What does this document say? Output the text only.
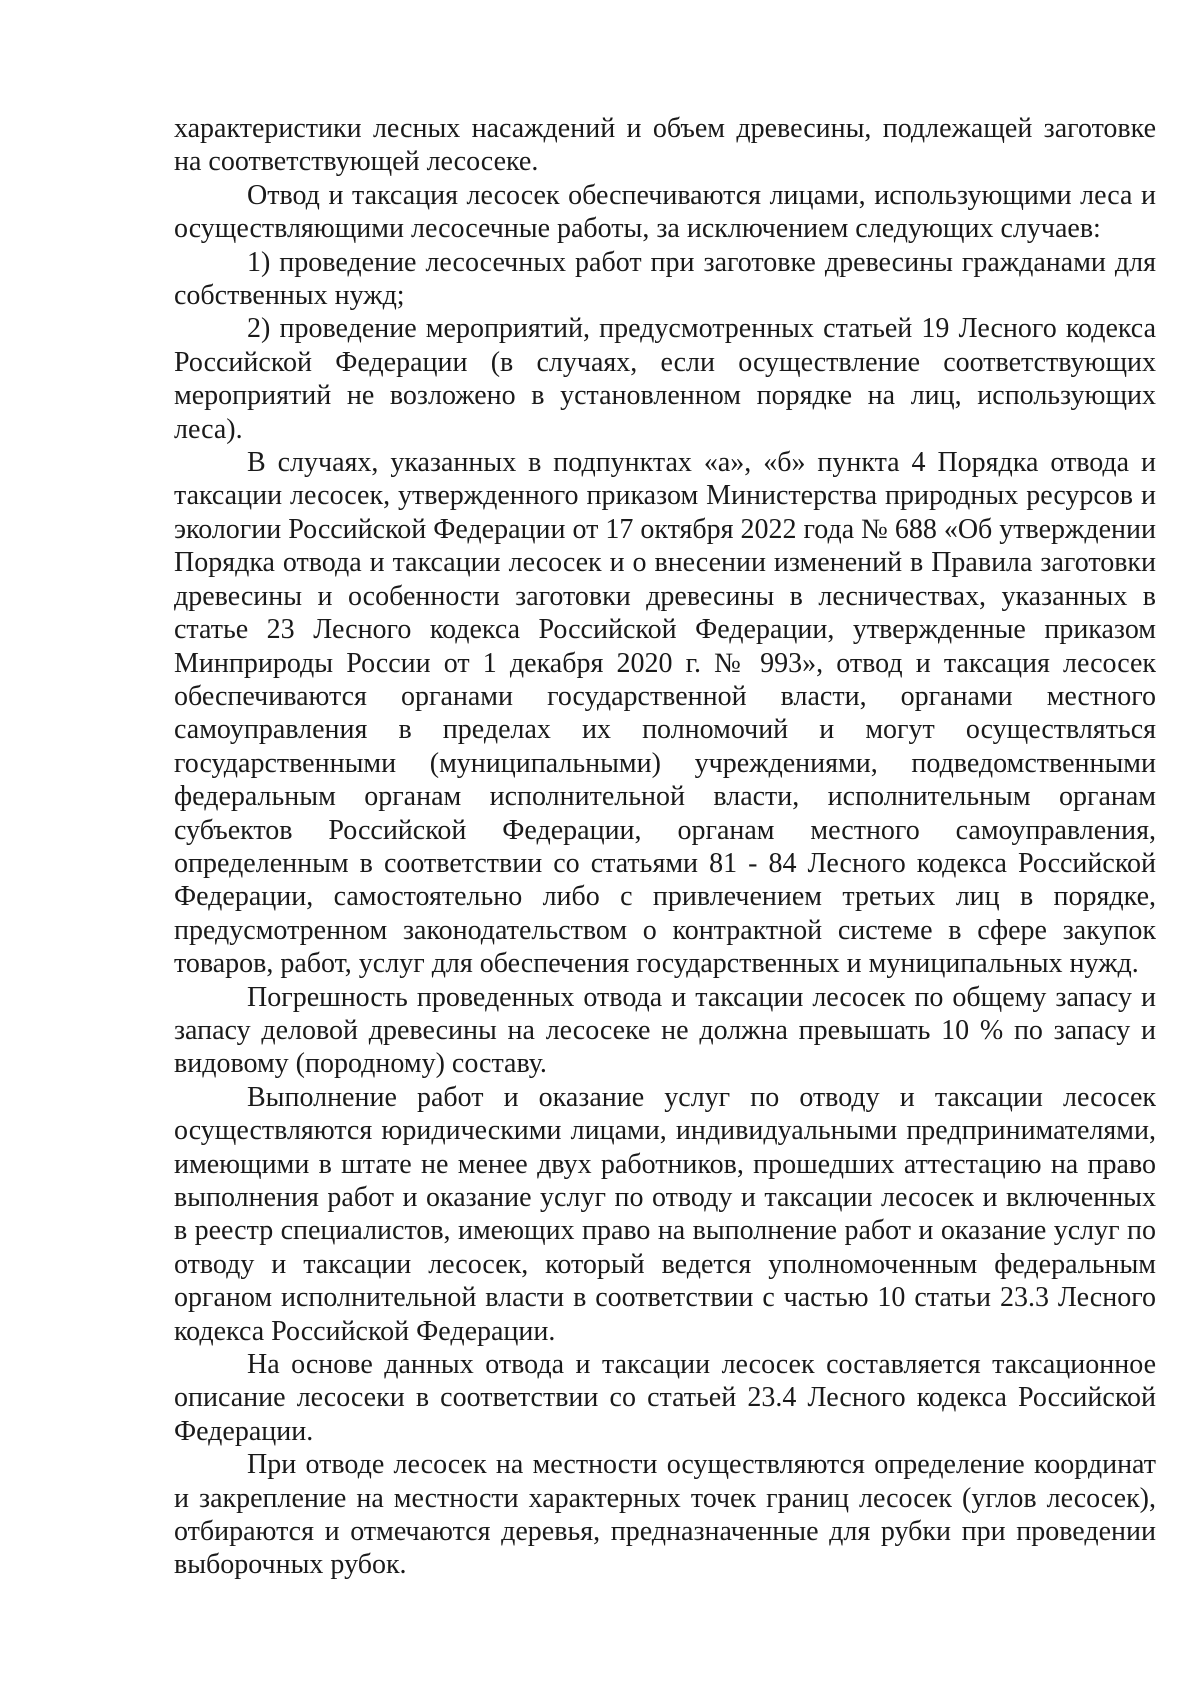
характеристики лесных насаждений и объем древесины, подлежащей заготовке на соответствующей лесосеке.

Отвод и таксация лесосек обеспечиваются лицами, использующими леса и осуществляющими лесосечные работы, за исключением следующих случаев:

1) проведение лесосечных работ при заготовке древесины гражданами для собственных нужд;

2) проведение мероприятий, предусмотренных статьей 19 Лесного кодекса Российской Федерации (в случаях, если осуществление соответствующих мероприятий не возложено в установленном порядке на лиц, использующих леса).

В случаях, указанных в подпунктах «а», «б» пункта 4 Порядка отвода и таксации лесосек, утвержденного приказом Министерства природных ресурсов и экологии Российской Федерации от 17 октября 2022 года № 688 «Об утверждении Порядка отвода и таксации лесосек и о внесении изменений в Правила заготовки древесины и особенности заготовки древесины в лесничествах, указанных в статье 23 Лесного кодекса Российской Федерации, утвержденные приказом Минприроды России от 1 декабря 2020 г. № 993», отвод и таксация лесосек обеспечиваются органами государственной власти, органами местного самоуправления в пределах их полномочий и могут осуществляться государственными (муниципальными) учреждениями, подведомственными федеральным органам исполнительной власти, исполнительным органам субъектов Российской Федерации, органам местного самоуправления, определенным в соответствии со статьями 81 - 84 Лесного кодекса Российской Федерации, самостоятельно либо с привлечением третьих лиц в порядке, предусмотренном законодательством о контрактной системе в сфере закупок товаров, работ, услуг для обеспечения государственных и муниципальных нужд.

Погрешность проведенных отвода и таксации лесосек по общему запасу и запасу деловой древесины на лесосеке не должна превышать 10 % по запасу и видовому (породному) составу.

Выполнение работ и оказание услуг по отводу и таксации лесосек осуществляются юридическими лицами, индивидуальными предпринимателями, имеющими в штате не менее двух работников, прошедших аттестацию на право выполнения работ и оказание услуг по отводу и таксации лесосек и включенных в реестр специалистов, имеющих право на выполнение работ и оказание услуг по отводу и таксации лесосек, который ведется уполномоченным федеральным органом исполнительной власти в соответствии с частью 10 статьи 23.3 Лесного кодекса Российской Федерации.

На основе данных отвода и таксации лесосек составляется таксационное описание лесосеки в соответствии со статьей 23.4 Лесного кодекса Российской Федерации.

При отводе лесосек на местности осуществляются определение координат и закрепление на местности характерных точек границ лесосек (углов лесосек), отбираются и отмечаются деревья, предназначенные для рубки при проведении выборочных рубок.
